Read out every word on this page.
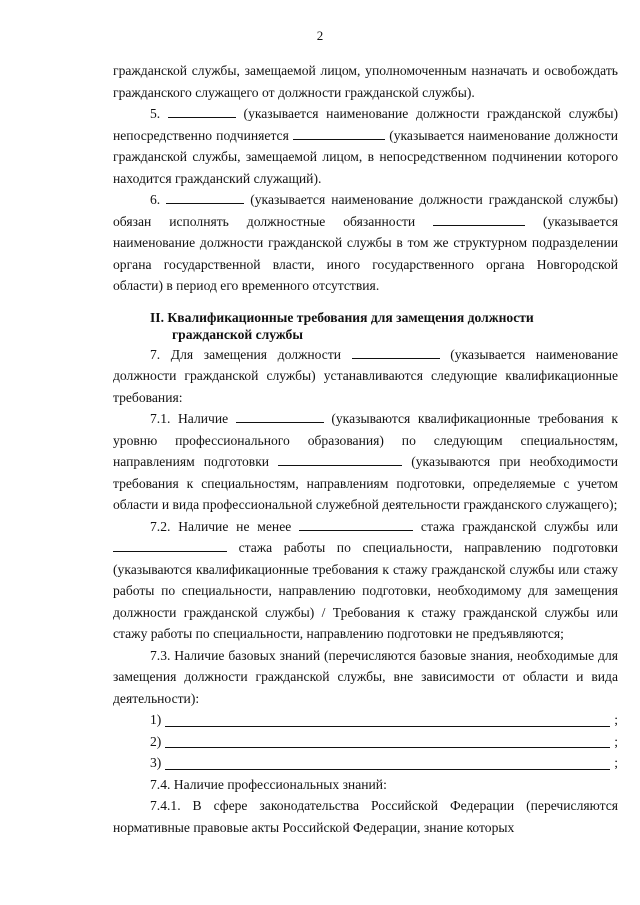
2

гражданской службы, замещаемой лицом, уполномоченным назначать и освобождать гражданского служащего от должности гражданской службы).

5.	(указывается наименование должности гражданской службы) непосредственно подчиняется	(указывается наименование должности гражданской службы, замещаемой лицом, в непосредственном подчинении которого находится гражданский служащий).

6.	(указывается наименование должности гражданской службы) обязан исполнять должностные обязанности	(указывается наименование должности гражданской службы в том же структурном подразделении органа государственной власти, иного государственного органа Новгородской области) в период его временного отсутствия.

II. Квалификационные требования для замещения должности
гражданской службы

7. Для замещения должности	(указывается наименование должности гражданской службы) устанавливаются следующие квалификационные требования:

7.1. Наличие	(указываются квалификационные требования к уровню профессионального образования) по следующим специальностям, направлениям подготовки	(указываются при необходимости требования к специальностям, направлениям подготовки, определяемые с учетом области и вида профессиональной служебной деятельности гражданского служащего);

7.2. Наличие не менее	стажа гражданской службы или  стажа работы по специальности, направлению подготовки (указываются квалификационные требования к стажу гражданской службы или стажу работы по специальности, направлению подготовки, необходимому для замещения должности гражданской службы) / Требования к стажу гражданской службы или стажу работы по специальности, направлению подготовки не предъявляются;

7.3. Наличие базовых знаний (перечисляются базовые знания, необходимые для замещения должности гражданской службы, вне зависимости от области и вида деятельности):

1)	;
2)	;
3)	;

7.4. Наличие профессиональных знаний:

7.4.1. В сфере законодательства Российской Федерации (перечисляются нормативные правовые акты Российской Федерации, знание которых
